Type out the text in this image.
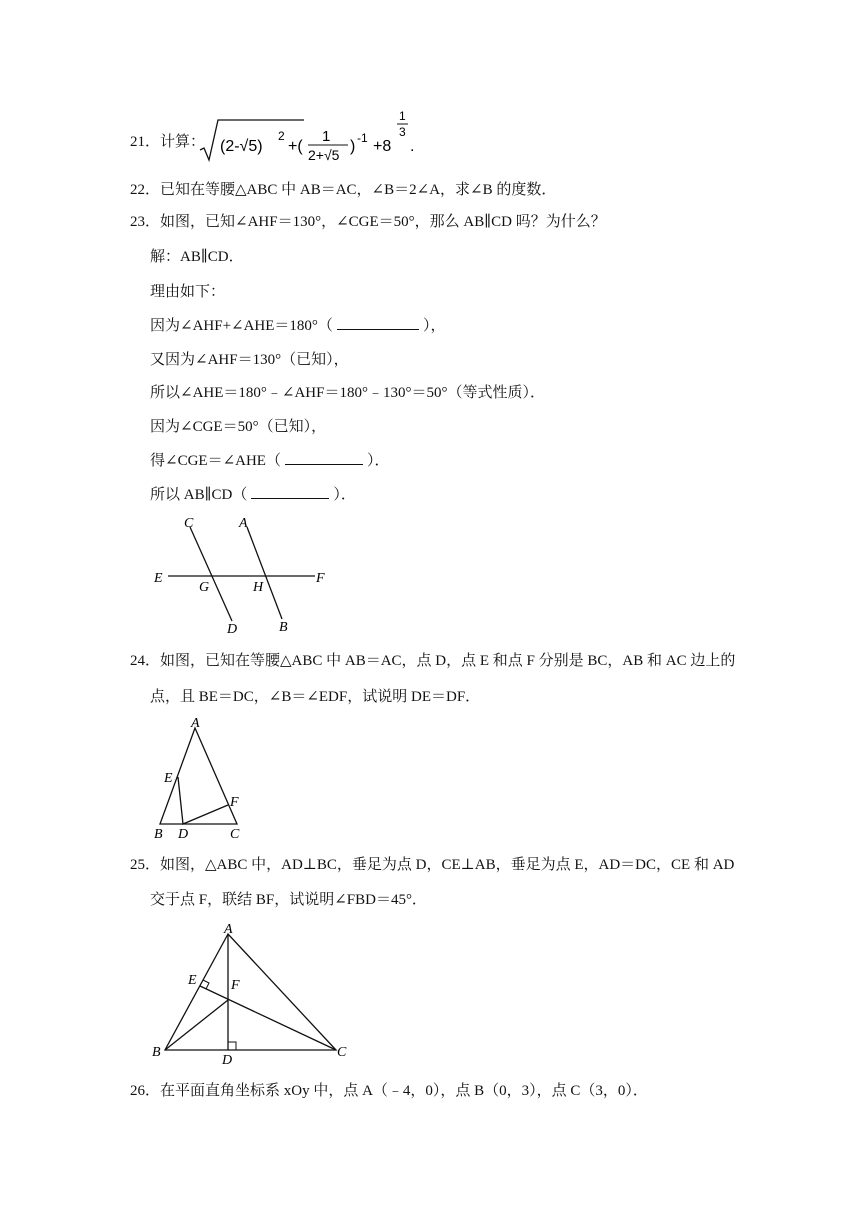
21．计算： (2-√5)
2
+(
1
2+√5 ) -1 +8
1
3
.
22．已知在等腰△ABC 中 AB＝AC，∠B＝2∠A，求∠B 的度数．
23．如图，已知∠AHF＝130°，∠CGE＝50°，那么 AB∥CD 吗？为什么？
解：AB∥CD．
理由如下：
因为∠AHF+∠AHE＝180°（	），
又因为∠AHF＝130°（已知），
所以∠AHE＝180°﹣∠AHF＝180°﹣130°＝50°（等式性质）．
因为∠CGE＝50°（已知），
得∠CGE＝∠AHE（	）．
所以 AB∥CD（	）．
C	A
E
G	H
F
D	B
24．如图，已知在等腰△ABC 中 AB＝AC，点 D，点 E 和点 F 分别是 BC，AB 和 AC 边上的
点，且 BE＝DC，∠B＝∠EDF，试说明 DE＝DF．
A
E
F
B D	C
25．如图，△ABC 中，AD⊥BC，垂足为点 D，CE⊥AB，垂足为点 E，AD＝DC，CE 和 AD
交于点 F，联结 BF，试说明∠FBD＝45°．
A
E F
B
D
C
26．在平面直角坐标系 xOy 中，点 A（﹣4，0），点 B（0，3），点 C（3，0）．
